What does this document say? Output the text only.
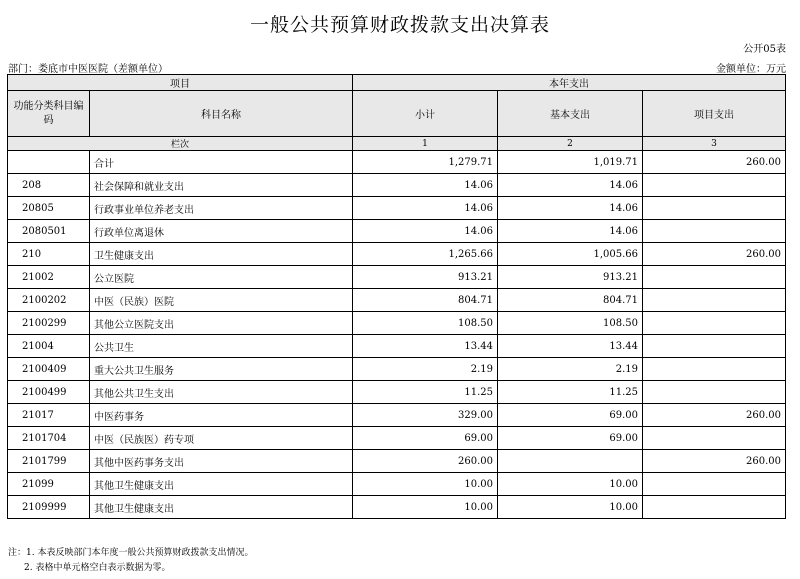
一般公共预算财政拨款支出决算表
公开05表
部门：娄底市中医医院（差额单位）	金额单位：万元
项目		本年支出		
功能分类科目编码	科目名称	小计	基本支出	项目支出
栏次		1	2	3
	合计	1,279.71	1,019.71	260.00
208	社会保障和就业支出	14.06	14.06	
20805	行政事业单位养老支出	14.06	14.06	
2080501	行政单位离退休	14.06	14.06	
210	卫生健康支出	1,265.66	1,005.66	260.00
21002	公立医院	913.21	913.21	
2100202	中医（民族）医院	804.71	804.71	
2100299	其他公立医院支出	108.50	108.50	
21004	公共卫生	13.44	13.44	
2100409	重大公共卫生服务	2.19	2.19	
2100499	其他公共卫生支出	11.25	11.25	
21017	中医药事务	329.00	69.00	260.00
2101704	中医（民族医）药专项	69.00	69.00	
2101799	其他中医药事务支出	260.00		260.00
21099	其他卫生健康支出	10.00	10.00	
2109999	其他卫生健康支出	10.00	10.00	
注：1. 本表反映部门本年度一般公共预算财政拨款支出情况。
2. 表格中单元格空白表示数据为零。
